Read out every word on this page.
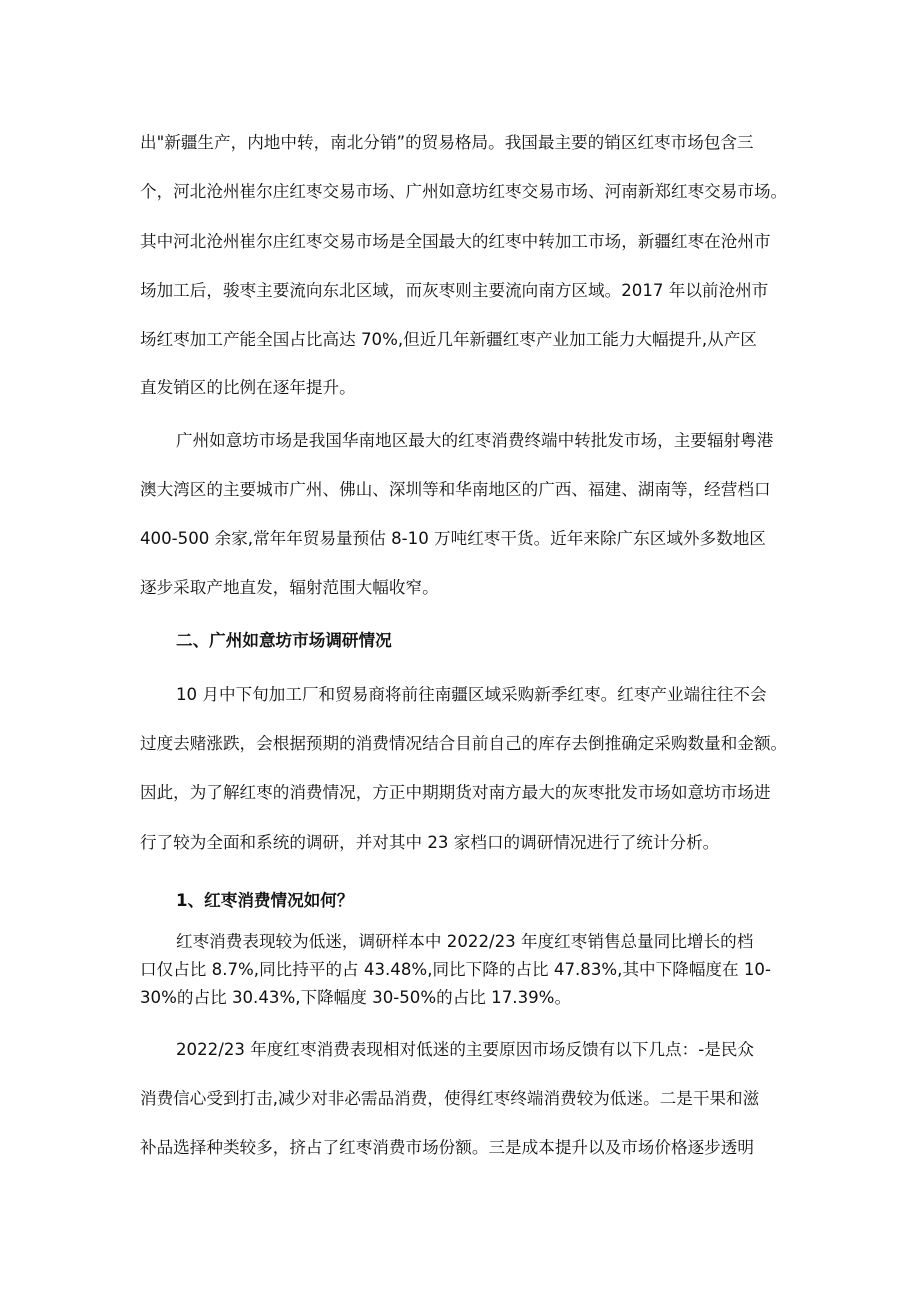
出"新疆生产，内地中转，南北分销”的贸易格局。我国最主要的销区红枣市场包含三
个，河北沧州崔尔庄红枣交易市场、广州如意坊红枣交易市场、河南新郑红枣交易市场。
其中河北沧州崔尔庄红枣交易市场是全国最大的红枣中转加工市场，新疆红枣在沧州市
场加工后，骏枣主要流向东北区域，而灰枣则主要流向南方区域。2017 年以前沧州市
场红枣加工产能全国占比高达 70%,但近几年新疆红枣产业加工能力大幅提升,从产区
直发销区的比例在逐年提升。
广州如意坊市场是我国华南地区最大的红枣消费终端中转批发市场，主要辐射粤港
澳大湾区的主要城市广州、佛山、深圳等和华南地区的广西、福建、湖南等，经营档口
400-500 余家,常年年贸易量预估 8-10 万吨红枣干货。近年来除广东区域外多数地区
逐步采取产地直发，辐射范围大幅收窄。
二、广州如意坊市场调研情况
10 月中下旬加工厂和贸易商将前往南疆区域采购新季红枣。红枣产业端往往不会
过度去赌涨跌，会根据预期的消费情况结合目前自己的库存去倒推确定采购数量和金额。
因此，为了解红枣的消费情况，方正中期期货对南方最大的灰枣批发市场如意坊市场进
行了较为全面和系统的调研，并对其中 23 家档口的调研情况进行了统计分析。
1、红枣消费情况如何？
红枣消费表现较为低迷，调研样本中 2022/23 年度红枣销售总量同比增长的档
口仅占比 8.7%,同比持平的占 43.48%,同比下降的占比 47.83%,其中下降幅度在 10-
30%的占比 30.43%,下降幅度 30-50%的占比 17.39%。
2022/23 年度红枣消费表现相对低迷的主要原因市场反馈有以下几点：-是民众
消费信心受到打击,减少对非必需品消费，使得红枣终端消费较为低迷。二是干果和滋
补品选择种类较多，挤占了红枣消费市场份额。三是成本提升以及市场价格逐步透明
